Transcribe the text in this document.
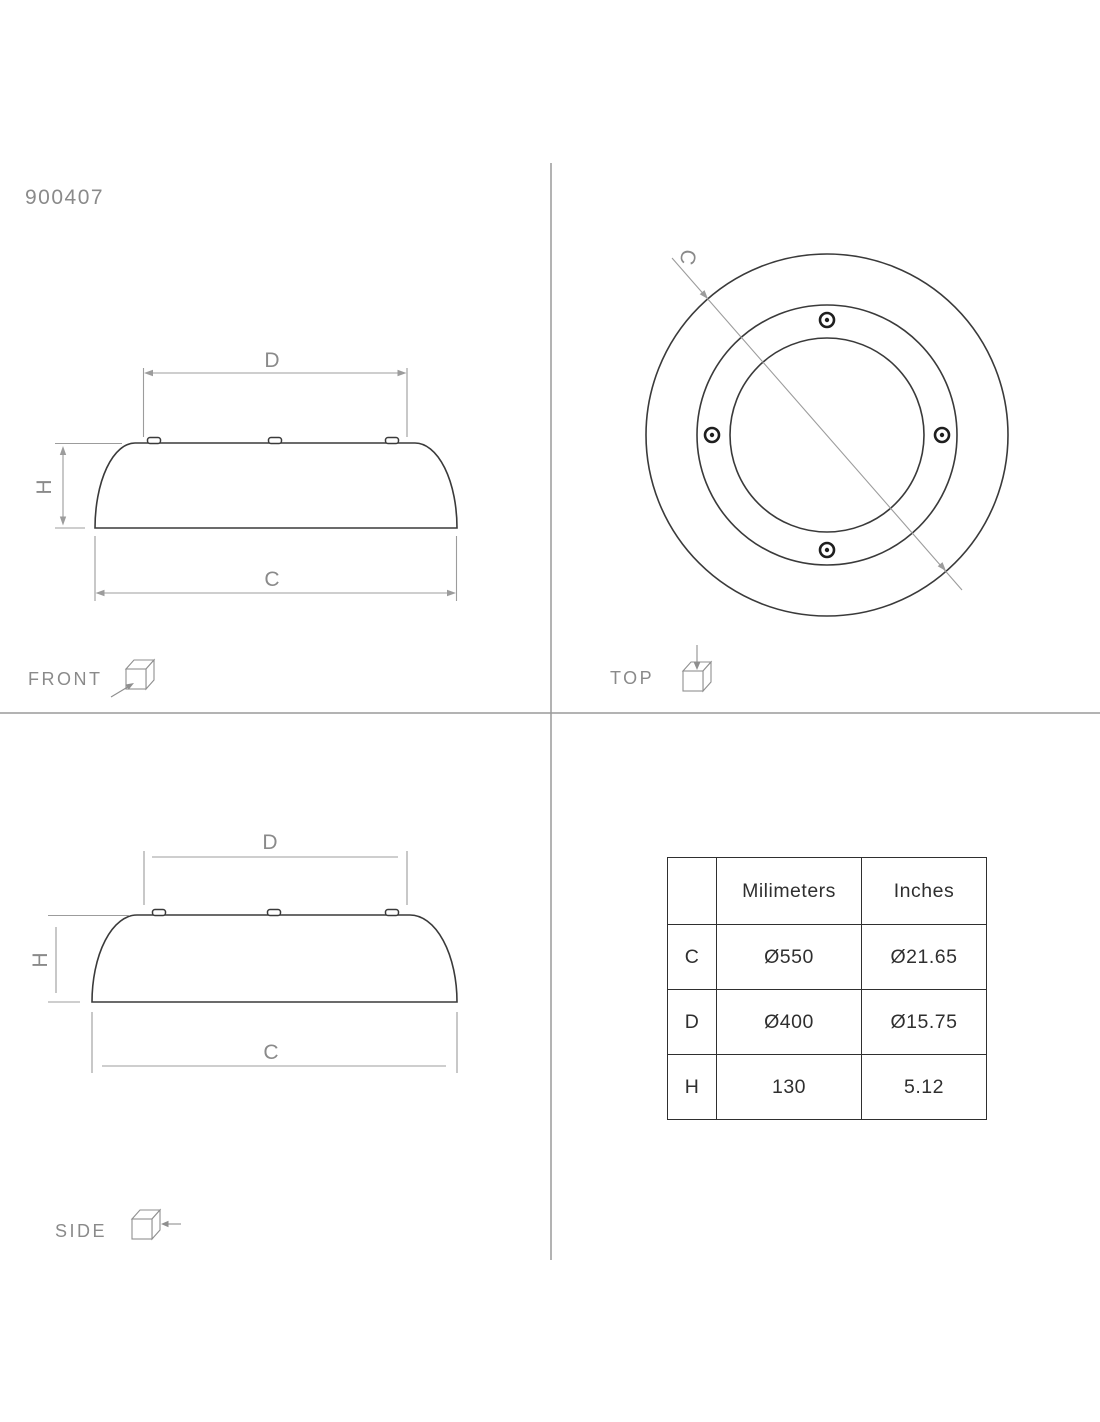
900407
D
H
C
FRONT
C
TOP
D
H
C
SIDE
	Milimeters	Inches
C	Ø550	Ø21.65
D	Ø400	Ø15.75
H	130	5.12
